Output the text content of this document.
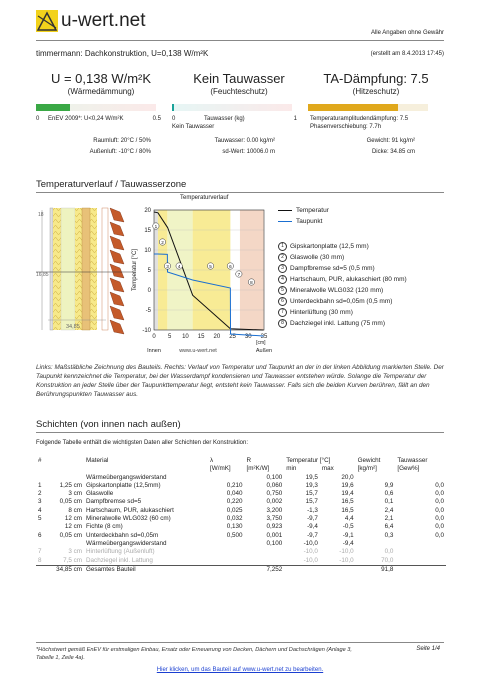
u-wert.net
Alle Angaben ohne Gewähr
timmermann: Dachkonstruktion, U=0,138 W/m²K	(erstellt am 8.4.2013 17:45)
U = 0,138 W/m²K
(Wärmedämmung)
Kein Tauwasser
(Feuchteschutz)
TA-Dämpfung: 7.5
(Hitzeschutz)
0 EnEV 2009*: U<0,24 W/m²K	0.5 0	Tauwasser (kg)	1
Kein Tauwasser
Temperaturamplitudendämpfung: 7.5
Phasenverschiebung: 7.7h
Raumluft: 20°C / 50%	Tauwasser: 0.00 kg/m²	Gewicht: 91 kg/m²
Außenluft: -10°C / 80%	sd-Wert: 10006.0 m	Dicke: 34.85 cm
Temperaturverlauf / Tauwasserzone
18
16,85
34,85
Temperaturverlauf
20
15
10
5
0
-5
-10
0 5 10 15 20 25 30 35
Temperatur [°C]
[cm]
Innen	Außen
www.u-wert.net
1
2
3 4	5	6
7
8
Temperatur
Taupunkt
1 Gipskartonplatte (12,5 mm)
2 Glaswolle (30 mm)
3 Dampfbremse sd=5 (0,5 mm)
4 Hartschaum, PUR, alukaschiert (80 mm)
5 Mineralwolle WLG032 (120 mm)
6 Unterdeckbahn sd=0,05m (0,5 mm)
7 Hinterlüftung (30 mm)
8 Dachziegel inkl. Lattung (75 mm)
Links: Maßstäbliche Zeichnung des Bauteils. Rechts: Verlauf von Temperatur und Taupunkt an der in der linken Abbildung markierten Stelle. Der Taupunkt kennzeichnet die Temperatur, bei der Wasserdampf kondensieren und Tauwasser entstehen würde. Solange die Temperatur der Konstruktion an jeder Stelle über der Taupunkttemperatur liegt, entsteht kein Tauwasser. Falls sich die beiden Kurven berühren, fällt an den Berührungspunkten Tauwasser aus.
Schichten (von innen nach außen)
Folgende Tabelle enthält die wichtigsten Daten aller Schichten der Konstruktion:
#		Material	λ	R	Temperatur [°C]		Gewicht	Tauwasser
			[W/mK]	[m²K/W]	min	max	[kg/m²]	[Gew%]
		Wärmeübergangswiderstand		0,100	19,5	20,0		
1	1,25 cm	Gipskartonplatte (12,5mm)	0,210	0,060	19,3	19,6	9,9	0,0
2	3 cm	Glaswolle	0,040	0,750	15,7	19,4	0,6	0,0
3	0,05 cm	Dampfbremse sd=5	0,220	0,002	15,7	16,5	0,1	0,0
4	8 cm	Hartschaum, PUR, alukaschiert	0,025	3,200	-1,3	16,5	2,4	0,0
5	12 cm	Mineralwolle WLG032 (60 cm)	0,032	3,750	-9,7	4,4	2,1	0,0
	12 cm	Fichte (8 cm)	0,130	0,923	-9,4	-0,5	6,4	0,0
6	0,05 cm	Unterdeckbahn sd=0,05m	0,500	0,001	-9,7	-9,1	0,3	0,0
		Wärmeübergangswiderstand		0,100	-10,0	-9,4		
7	3 cm	Hinterlüftung (Außenluft)			-10,0	-10,0	0,0	
8	7,5 cm	Dachziegel inkl. Lattung			-10,0	-10,0	70,0	
	34,85 cm	Gesamtes Bauteil		7,252			91,8	
*Höchstwert gemäß EnEV für erstmaligen Einbau, Ersatz oder Erneuerung von Decken, Dächern und Dachschrägen (Anlage 3, Tabelle 1, Zeile 4a).
Seite 1/4
Hier klicken, um das Bauteil auf www.u-wert.net zu bearbeiten.
